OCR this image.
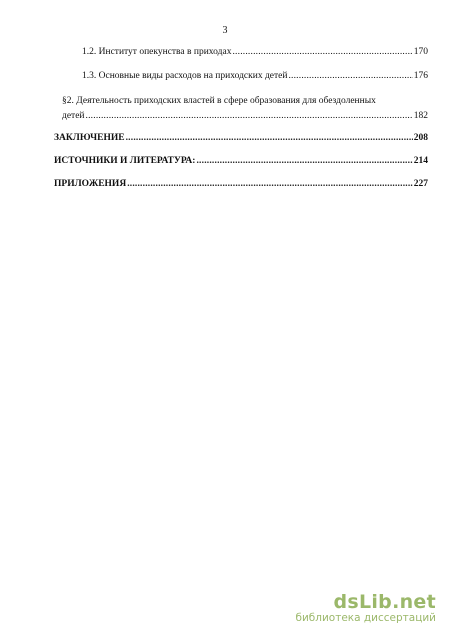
3
1.2. Институт опекунства в приходах .....	170
1.3. Основные виды расходов на приходских детей .....	176
§2. Деятельность приходских властей в сфере образования для обездоленных
детей .....	182
ЗАКЛЮЧЕНИЕ .....	208
ИСТОЧНИКИ И ЛИТЕРАТУРА: .....	214
ПРИЛОЖЕНИЯ .....	227
dsLib.net
библиотека диссертаций
